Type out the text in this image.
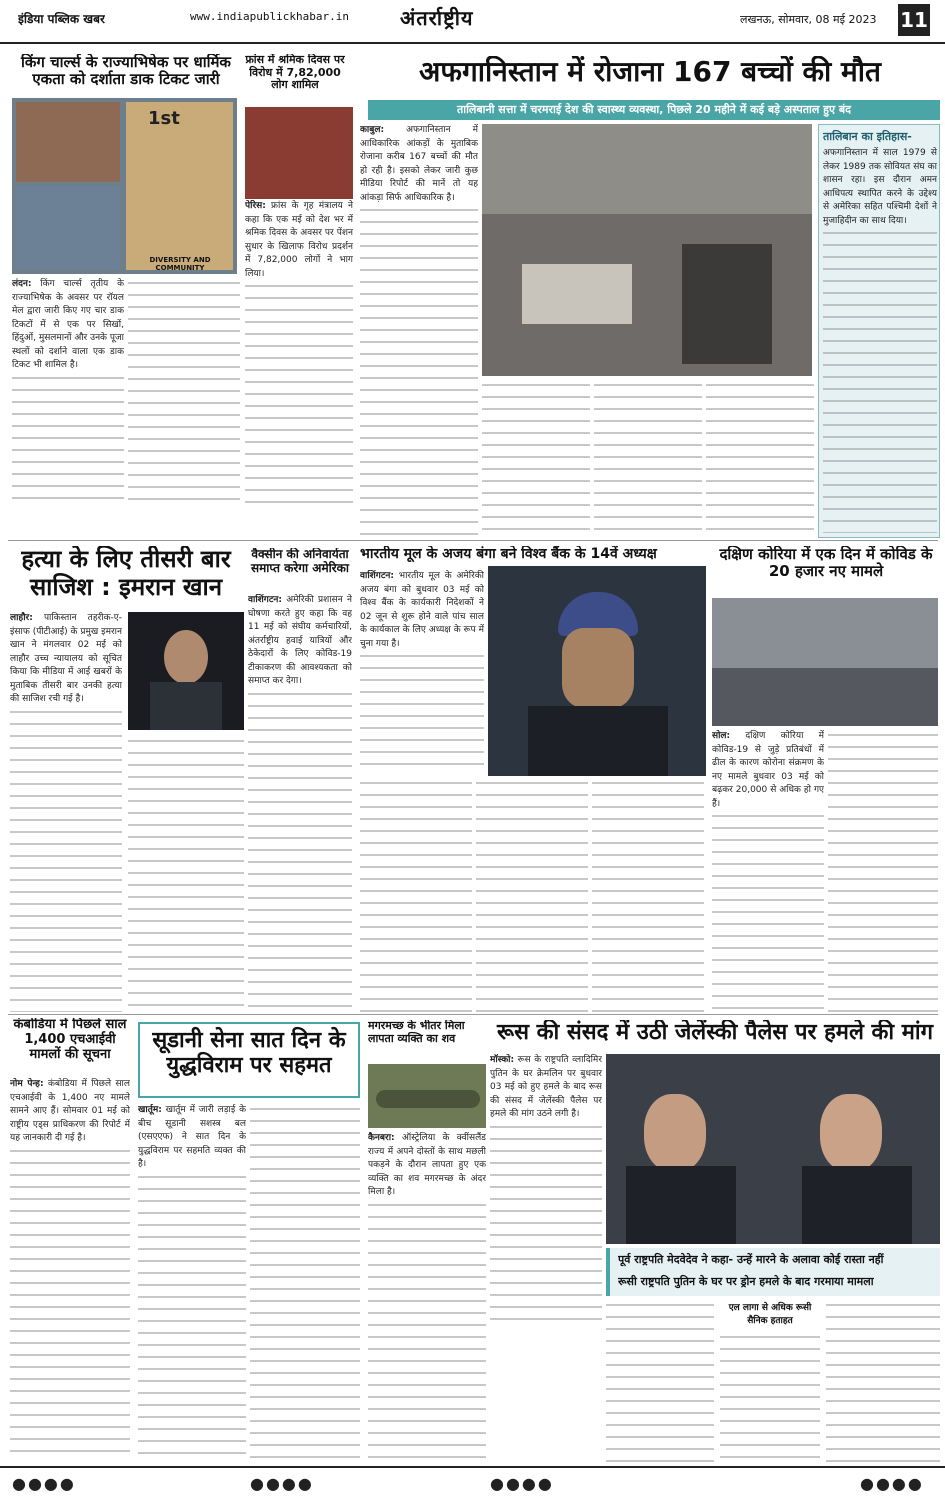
इंडिया पब्लिक खबर	www.indiapublickhabar.in	अंतर्राष्ट्रीय	लखनऊ, सोमवार, 08 मई 2023 11
किंग चार्ल्स के राज्याभिषेक पर धार्मिक एकता को दर्शाता डाक टिकट जारी
1st
DIVERSITY AND COMMUNITY
लंदन: किंग चार्ल्स तृतीय के राज्याभिषेक के अवसर पर रॉयल मेल द्वारा जारी किए गए चार डाक टिकटों में से एक पर सिखों, हिंदुओं, मुसलमानों और उनके पूजा स्थलों को दर्शाने वाला एक डाक टिकट भी शामिल है।
फ्रांस में श्रमिक दिवस पर विरोध में 7,82,000 लोग शामिल
पेरिस: फ्रांस के गृह मंत्रालय ने कहा कि एक मई को देश भर में श्रमिक दिवस के अवसर पर पेंशन सुधार के खिलाफ विरोध प्रदर्शन में 7,82,000 लोगों ने भाग लिया।
अफगानिस्तान में रोजाना 167 बच्चों की मौत
तालिबानी सत्ता में चरमराई देश की स्वास्थ्य व्यवस्था, पिछले 20 महीने में कई बड़े अस्पताल हुए बंद
काबुल: अफगानिस्तान में आधिकारिक आंकड़ों के मुताबिक रोजाना करीब 167 बच्चों की मौत हो रही है। इसको लेकर जारी कुछ मीडिया रिपोर्ट की मानें तो यह आंकड़ा सिर्फ आधिकारिक है।
तालिबान का इतिहास-
अफगानिस्तान में साल 1979 से लेकर 1989 तक सोवियत संघ का शासन रहा। इस दौरान अमन आधिपत्य स्थापित करने के उद्देश्य से अमेरिका सहित पश्चिमी देशों ने मुजाहिदीन का साथ दिया।
हत्या के लिए तीसरी बार साजिश : इमरान खान
लाहौर: पाकिस्तान तहरीक-ए-इंसाफ (पीटीआई) के प्रमुख इमरान खान ने मंगलवार 02 मई को लाहौर उच्च न्यायालय को सूचित किया कि मीडिया में आई खबरों के मुताबिक तीसरी बार उनकी हत्या की साजिश रची गई है।
वैक्सीन की अनिवार्यता समाप्त करेगा अमेरिका
वाशिंगटन: अमेरिकी प्रशासन ने घोषणा करते हुए कहा कि वह 11 मई को संघीय कर्मचारियों, अंतर्राष्ट्रीय हवाई यात्रियों और ठेकेदारों के लिए कोविड-19 टीकाकरण की आवश्यकता को समाप्त कर देगा।
भारतीय मूल के अजय बंगा बने विश्व बैंक के 14वें अध्यक्ष
वाशिंगटन: भारतीय मूल के अमेरिकी अजय बंगा को बुधवार 03 मई को विश्व बैंक के कार्यकारी निदेशकों ने 02 जून से शुरू होने वाले पांच साल के कार्यकाल के लिए अध्यक्ष के रूप में चुना गया है।
दक्षिण कोरिया में एक दिन में कोविड के 20 हजार नए मामले
सोल: दक्षिण कोरिया में कोविड-19 से जुड़े प्रतिबंधों में ढील के कारण कोरोना संक्रमण के नए मामले बुधवार 03 मई को बढ़कर 20,000 से अधिक हो गए हैं।
कंबोडिया में पिछले साल 1,400 एचआईवी मामलों की सूचना
नोम पेन्ह: कंबोडिया में पिछले साल एचआईवी के 1,400 नए मामले सामने आए हैं। सोमवार 01 मई को राष्ट्रीय एड्स प्राधिकरण की रिपोर्ट में यह जानकारी दी गई है।
सूडानी सेना सात दिन के युद्धविराम पर सहमत
खार्तूम: खार्तूम में जारी लड़ाई के बीच सूडानी सशस्त्र बल (एसएएफ) ने सात दिन के युद्धविराम पर सहमति व्यक्त की है।
मगरमच्छ के भीतर मिला लापता व्यक्ति का शव
कैनबरा: ऑस्ट्रेलिया के क्वींसलैंड राज्य में अपने दोस्तों के साथ मछली पकड़ने के दौरान लापता हुए एक व्यक्ति का शव मगरमच्छ के अंदर मिला है।
रूस की संसद में उठी जेलेंस्की पैलेस पर हमले की मांग
मॉस्को: रूस के राष्ट्रपति व्लादिमिर पुतिन के घर क्रेमलिन पर बुधवार 03 मई को हुए हमले के बाद रूस की संसद में जेलेंस्की पैलेस पर हमले की मांग उठने लगी है।
पूर्व राष्ट्रपति मेदवेदेव ने कहा- उन्हें मारने के अलावा कोई रास्ता नहीं
रूसी राष्ट्रपति पुतिन के घर पर ड्रोन हमले के बाद गरमाया मामला
एल लागा से अधिक रूसी
सैनिक हताहत
●●●●	●●●●	●●●●	●●●●
